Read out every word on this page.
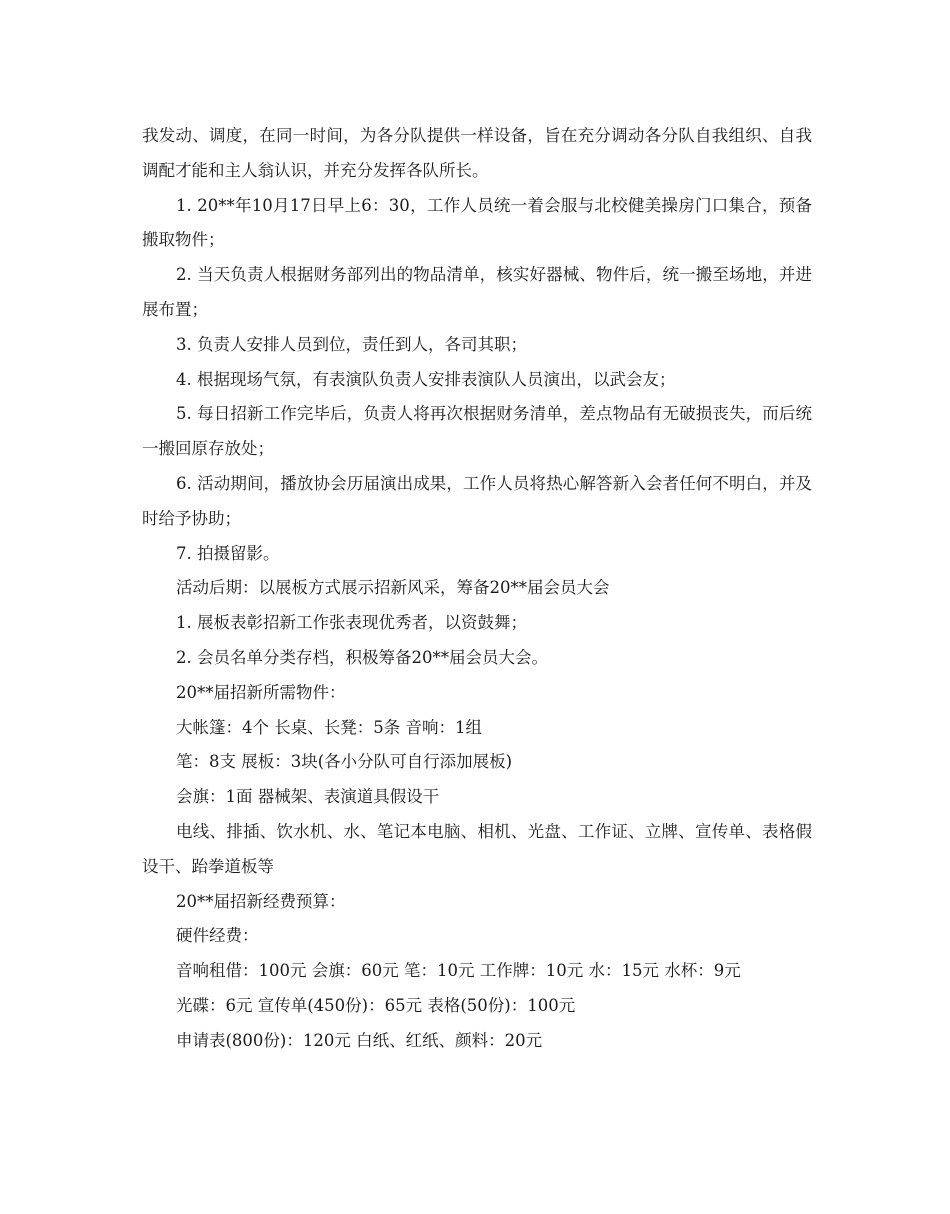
我发动、调度，在同一时间，为各分队提供一样设备，旨在充分调动各分队自我组织、自我调配才能和主人翁认识，并充分发挥各队所长。

1. 20**年10月17日早上6：30，工作人员统一着会服与北校健美操房门口集合，预备搬取物件；

2. 当天负责人根据财务部列出的物品清单，核实好器械、物件后，统一搬至场地，并进展布置；

3. 负责人安排人员到位，责任到人，各司其职；

4. 根据现场气氛，有表演队负责人安排表演队人员演出，以武会友；

5. 每日招新工作完毕后，负责人将再次根据财务清单，差点物品有无破损丧失，而后统一搬回原存放处；

6. 活动期间，播放协会历届演出成果，工作人员将热心解答新入会者任何不明白，并及时给予协助；

7. 拍摄留影。

活动后期：以展板方式展示招新风采，筹备20**届会员大会

1. 展板表彰招新工作张表现优秀者，以资鼓舞；

2. 会员名单分类存档，积极筹备20**届会员大会。

20**届招新所需物件：

大帐篷：4个 长桌、长凳：5条 音响：1组

笔：8支 展板：3块(各小分队可自行添加展板)

会旗：1面 器械架、表演道具假设干

电线、排插、饮水机、水、笔记本电脑、相机、光盘、工作证、立牌、宣传单、表格假设干、跆拳道板等

20**届招新经费预算：

硬件经费：

音响租借：100元 会旗：60元 笔：10元 工作牌：10元 水：15元 水杯：9元

光碟：6元 宣传单(450份)：65元 表格(50份)：100元

申请表(800份)：120元 白纸、红纸、颜料：20元
